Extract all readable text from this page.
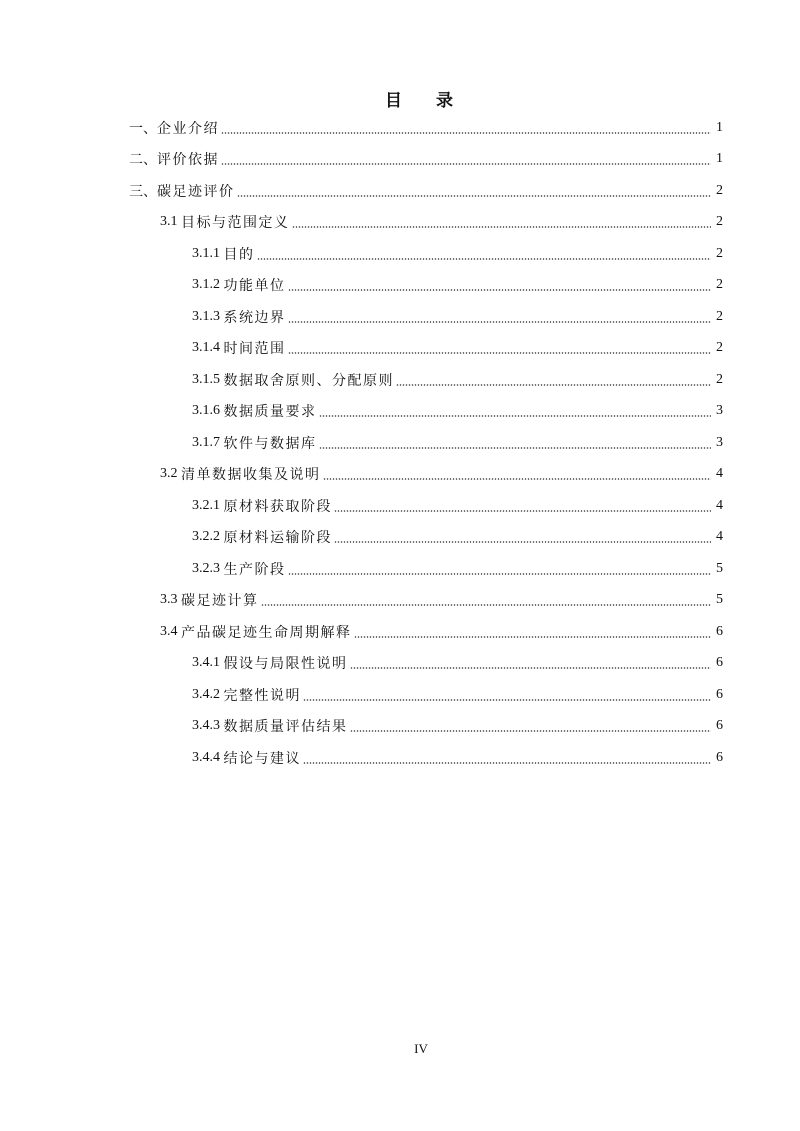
目 录
一、 企业介绍	1
二、 评价依据	1
三、 碳足迹评价	2
3.1 目标与范围定义	2
3.1.1 目的	2
3.1.2 功能单位	2
3.1.3 系统边界	2
3.1.4 时间范围	2
3.1.5 数据取舍原则、分配原则	2
3.1.6 数据质量要求	3
3.1.7 软件与数据库	3
3.2 清单数据收集及说明	4
3.2.1 原材料获取阶段	4
3.2.2 原材料运输阶段	4
3.2.3 生产阶段	5
3.3 碳足迹计算	5
3.4 产品碳足迹生命周期解释	6
3.4.1 假设与局限性说明	6
3.4.2 完整性说明	6
3.4.3 数据质量评估结果	6
3.4.4 结论与建议	6
IV
